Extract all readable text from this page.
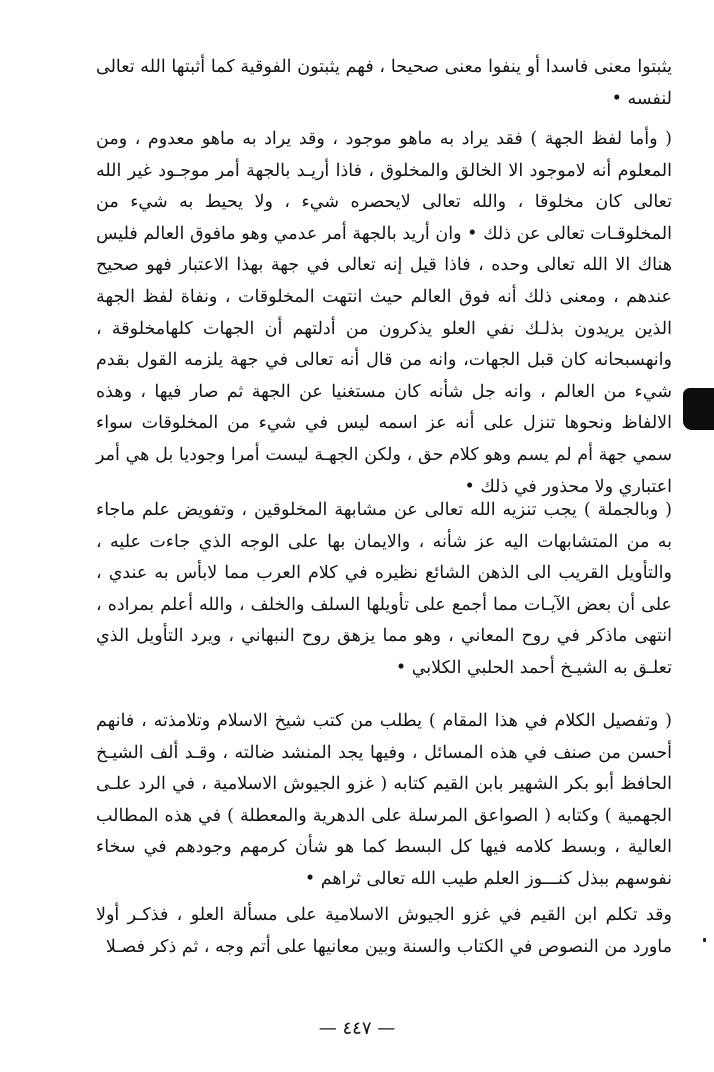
يثبتوا معنى فاسدا أو ينفوا معنى صحيحا ، فهم يثبتون الفوقية كما أثبتها الله تعالى لنفسه •

( وأما لفظ الجهة ) فقد يراد به ماهو موجود ، وقد يراد به ماهو معدوم ، ومن المعلوم أنه لاموجود الا الخالق والمخلوق ، فاذا أريـد بالجهة أمر موجـود غير الله تعالى كان مخلوقا ، والله تعالى لايحصره شيء ، ولا يحيط به شيء من المخلوقـات تعالى عن ذلك • وان أريد بالجهة أمر عدمي وهو مافوق العالم فليس هناك الا الله تعالى وحده ، فاذا قيل إنه تعالى في جهة بهذا الاعتبار فهو صحيح عندهم ، ومعنى ذلك أنه فوق العالم حيث انتهت المخلوقات ، ونفاة لفظ الجهة الذين يريدون بذلـك نفي العلو يذكرون من أدلتهم أن الجهات كلهامخلوقة ، وانهسبحانه كان قبل الجهات، وانه من قال أنه تعالى في جهة يلزمه القول بقدم شيء من العالم ، وانه جل شأنه كان مستغنيا عن الجهة ثم صار فيها ، وهذه الالفاظ ونحوها تنزل على أنه عز اسمه ليس في شيء من المخلوقات سواء سمي جهة أم لم يسم وهو كلام حق ، ولكن الجهـة ليست أمرا وجوديا بل هي أمر اعتباري ولا محذور في ذلك •

( وبالجملة ) يجب تنزيه الله تعالى عن مشابهة المخلوقين ، وتفويض علم ماجاء به من المتشابهات اليه عز شأنه ، والايمان بها على الوجه الذي جاءت عليه ، والتأويل القريب الى الذهن الشائع نظيره في كلام العرب مما لابأس به عندي ، على أن بعض الآيـات مما أجمع على تأويلها السلف والخلف ، والله أعلم بمراده ، انتهى ماذكر في روح المعاني ، وهو مما يزهق روح النبهاني ، ويرد التأويل الذي تعلـق به الشيـخ أحمد الحلبي الكلابي •

( وتفصيل الكلام في هذا المقام ) يطلب من كتب شيخ الاسلام وتلامذته ، فانهم أحسن من صنف في هذه المسائل ، وفيها يجد المنشد ضالته ، وقـد ألف الشيـخ الحافظ أبو بكر الشهير بابن القيم كتابه ( غزو الجيوش الاسلامية ، في الرد علـى الجهمية ) وكتابه ( الصواعق المرسلة على الدهرية والمعطلة ) في هذه المطالب العالية ، وبسط كلامه فيها كل البسط كما هو شأن كرمهم وجودهم في سخاء نفوسهم ببذل كنـــوز العلم طيب الله تعالى ثراهم •

وقد تكلم ابن القيم في غزو الجيوش الاسلامية على مسألة العلو ، فذكـر أولا ماورد من النصوص في الكتاب والسنة وبين معانيها على أتم وجه ، ثم ذكر فصـلا

— ٤٤٧ —
